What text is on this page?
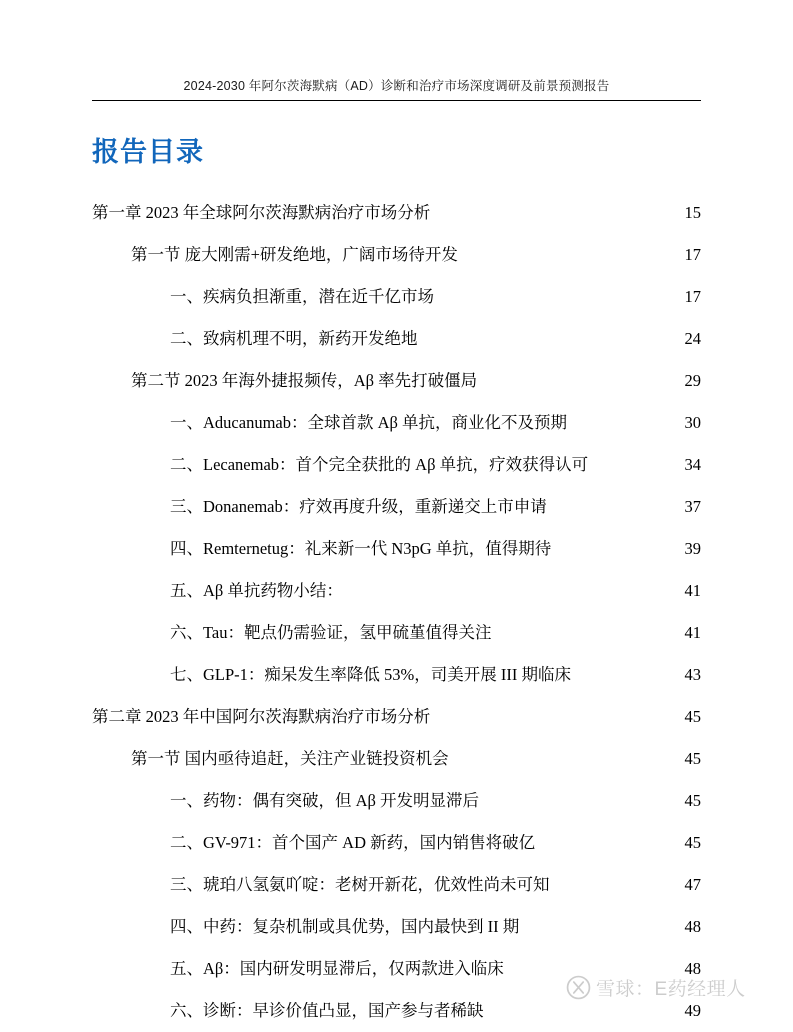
2024-2030 年阿尔茨海默病（AD）诊断和治疗市场深度调研及前景预测报告
报告目录
第一章 2023 年全球阿尔茨海默病治疗市场分析 .....	15
第一节 庞大刚需+研发绝地，广阔市场待开发 .....	17
一、疾病负担渐重，潜在近千亿市场 .....	17
二、致病机理不明，新药开发绝地 .....	24
第二节 2023 年海外捷报频传，Aβ 率先打破僵局 .....	29
一、Aducanumab：全球首款 Aβ 单抗，商业化不及预期 .....	30
二、Lecanemab：首个完全获批的 Aβ 单抗，疗效获得认可 .....	34
三、Donanemab：疗效再度升级，重新递交上市申请 .....	37
四、Remternetug：礼来新一代 N3pG 单抗，值得期待 .....	39
五、Aβ 单抗药物小结： .....	41
六、Tau：靶点仍需验证，氢甲硫堇值得关注 .....	41
七、GLP-1：痴呆发生率降低 53%，司美开展 III 期临床 .....	43
第二章 2023 年中国阿尔茨海默病治疗市场分析 .....	45
第一节 国内亟待追赶，关注产业链投资机会 .....	45
一、药物：偶有突破，但 Aβ 开发明显滞后 .....	45
二、GV-971：首个国产 AD 新药，国内销售将破亿 .....	45
三、琥珀八氢氨吖啶：老树开新花，优效性尚未可知 .....	47
四、中药：复杂机制或具优势，国内最快到 II 期 .....	48
五、Aβ：国内研发明显滞后，仅两款进入临床 .....	48
六、诊断：早诊价值凸显，国产参与者稀缺 .....	49
雪球：E药经理人
